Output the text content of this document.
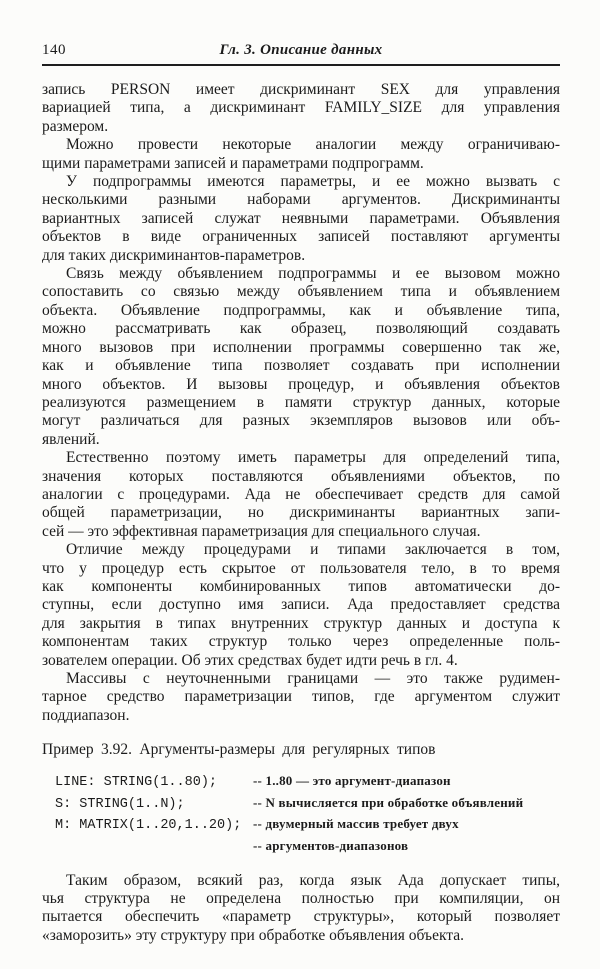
140	Гл. 3. Описание данных
запись PERSON имеет дискриминант SEX для управления
вариацией типа, а дискриминант FAMILY_SIZE для управления
размером.
Можно провести некоторые аналогии между ограничиваю-
щими параметрами записей и параметрами подпрограмм.
У подпрограммы имеются параметры, и ее можно вызвать с
несколькими разными наборами аргументов. Дискриминанты
вариантных записей служат неявными параметрами. Объявления
объектов в виде ограниченных записей поставляют аргументы
для таких дискриминантов-параметров.
Связь между объявлением подпрограммы и ее вызовом можно
сопоставить со связью между объявлением типа и объявлением
объекта. Объявление подпрограммы, как и объявление типа,
можно рассматривать как образец, позволяющий создавать
много вызовов при исполнении программы совершенно так же,
как и объявление типа позволяет создавать при исполнении
много объектов. И вызовы процедур, и объявления объектов
реализуются размещением в памяти структур данных, которые
могут различаться для разных экземпляров вызовов или объ-
явлений.
Естественно поэтому иметь параметры для определений типа,
значения которых поставляются объявлениями объектов, по
аналогии с процедурами. Ада не обеспечивает средств для самой
общей параметризации, но дискриминанты вариантных запи-
сей — это эффективная параметризация для специального случая.
Отличие между процедурами и типами заключается в том,
что у процедур есть скрытое от пользователя тело, в то время
как компоненты комбинированных типов автоматически до-
ступны, если доступно имя записи. Ада предоставляет средства
для закрытия в типах внутренних структур данных и доступа к
компонентам таких структур только через определенные поль-
зователем операции. Об этих средствах будет идти речь в гл. 4.
Массивы с неуточненными границами — это также рудимен-
тарное средство параметризации типов, где аргументом служит
поддиапазон.
Пример 3.92. Аргументы-размеры для регулярных типов
LINE: STRING(1..80);	-- 1..80 — это аргумент-диапазон
S: STRING(1..N);	-- N вычисляется при обработке объявлений
M: MATRIX(1..20,1..20); -- двумерный массив требует двух
-- аргументов-диапазонов
Таким образом, всякий раз, когда язык Ада допускает типы,
чья структура не определена полностью при компиляции, он
пытается обеспечить «параметр структуры», который позволяет
«заморозить» эту структуру при обработке объявления объекта.
